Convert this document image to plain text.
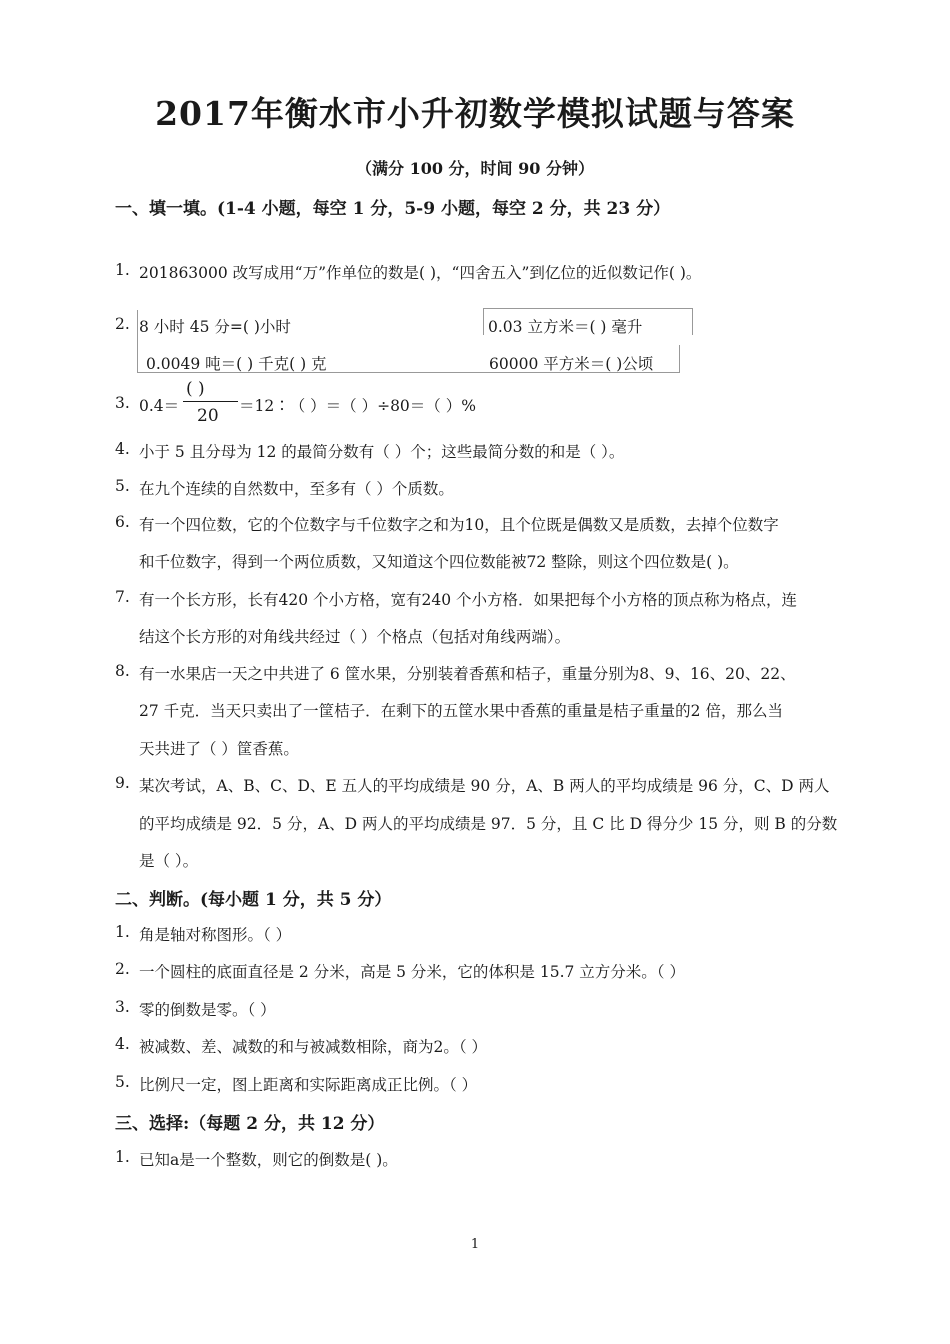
2017年衡水市小升初数学模拟试题与答案
（满分 100 分，时间 90 分钟）
一、填一填。(1-4 小题，每空 1 分，5-9 小题，每空 2 分，共 23 分）
1. 201863000 改写成用“万”作单位的数是( )，“四舍五入”到亿位的近似数记作( )。
2. 8 小时 45 分=( )小时	0.03 立方米＝( ) 毫升
0.0049 吨＝( ) 千克( ) 克	60000 平方米＝( )公顷
3. 0.4＝
( )
20 ＝12∶（ ）＝（ ）÷80＝（ ）%
4. 小于 5 且分母为 12 的最简分数有（ ）个；这些最简分数的和是（ ）。
5. 在九个连续的自然数中，至多有（ ）个质数。
6. 有一个四位数，它的个位数字与千位数字之和为10，且个位既是偶数又是质数，去掉个位数字
和千位数字，得到一个两位质数，又知道这个四位数能被72 整除，则这个四位数是( )。
7. 有一个长方形，长有420 个小方格，宽有240 个小方格．如果把每个小方格的顶点称为格点，连
结这个长方形的对角线共经过（ ）个格点（包括对角线两端）。
8. 有一水果店一天之中共进了 6 筐水果，分别装着香蕉和桔子，重量分别为8、9、16、20、22、
27 千克．当天只卖出了一筐桔子．在剩下的五筐水果中香蕉的重量是桔子重量的2 倍，那么当
天共进了（ ）筐香蕉。
9. 某次考试，A、B、C、D、E 五人的平均成绩是 90 分，A、B 两人的平均成绩是 96 分，C、D 两人
的平均成绩是 92．5 分，A、D 两人的平均成绩是 97．5 分，且 C 比 D 得分少 15 分，则 B 的分数
是（ ）。
二、判断。(每小题 1 分，共 5 分）
1. 角是轴对称图形。（ ）
2. 一个圆柱的底面直径是 2 分米，高是 5 分米，它的体积是 15.7 立方分米。（ ）
3. 零的倒数是零。（ ）
4. 被减数、差、减数的和与被减数相除，商为2。（ ）
5. 比例尺一定，图上距离和实际距离成正比例。（ ）
三、选择:（每题 2 分，共 12 分）
1. 已知a是一个整数，则它的倒数是( )。
1
